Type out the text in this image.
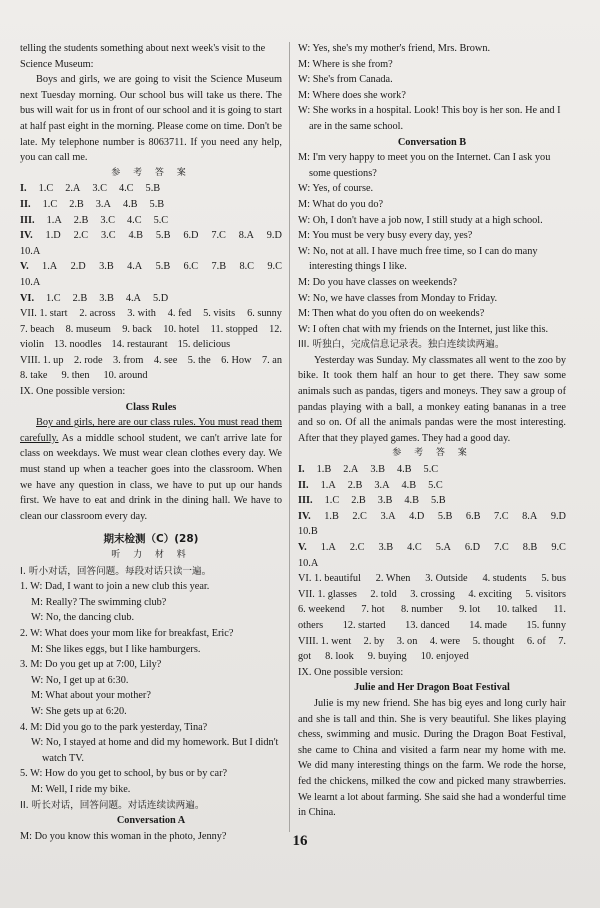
telling the students something about next week's visit to the
Science Museum:
Boys and girls, we are going to visit the Science Museum next Tuesday morning. Our school bus will take us there. The bus will wait for us in front of our school and it is going to start at half past eight in the morning. Please come on time. Don't be late. My telephone number is 8063711. If you need any help, you can call me.
参 考 答 案
I. 1.C 2.A 3.C 4.C 5.B
II. 1.C 2.B 3.A 4.B 5.B
III. 1.A 2.B 3.C 4.C 5.C
IV. 1.D 2.C 3.C 4.B 5.B 6.D 7.C 8.A 9.D
10.A
V. 1.A 2.D 3.B 4.A 5.B 6.C 7.B 8.C 9.C
10.A
VI. 1.C 2.B 3.B 4.A 5.D
VII. 1. start 2. across 3. with 4. fed 5. visits 6. sunny
7. beach 8. museum 9. back 10. hotel 11. stopped 12.
violin 13. noodles 14. restaurant 15. delicious
VIII. 1. up 2. rode 3. from 4. see 5. the 6. How 7. an
8. take 9. then 10. around
IX. One possible version:
Class Rules
Boy and girls, here are our class rules. You must read them carefully. As a middle school student, we can't arrive late for class on weekdays. We must wear clean clothes every day. We must stand up when a teacher goes into the classroom. When we have any question in class, we have to put up our hands first. We have to eat and drink in the dining hall. We have to clean our classroom every day.
期末检测（C）(28)
听 力 材 料
I. 听小对话，回答问题。每段对话只读一遍。
1. W: Dad, I want to join a new club this year.
M: Really? The swimming club?
W: No, the dancing club.
2. W: What does your mom like for breakfast, Eric?
M: She likes eggs, but I like hamburgers.
3. M: Do you get up at 7:00, Lily?
W: No, I get up at 6:30.
M: What about your mother?
W: She gets up at 6:20.
4. M: Did you go to the park yesterday, Tina?
W: No, I stayed at home and did my homework. But I didn't
watch TV.
5. W: How do you get to school, by bus or by car?
M: Well, I ride my bike.
II. 听长对话，回答问题。对话连续读两遍。
Conversation A
M: Do you know this woman in the photo, Jenny?
W: Yes, she's my mother's friend, Mrs. Brown.
M: Where is she from?
W: She's from Canada.
M: Where does she work?
W: She works in a hospital. Look! This boy is her son. He and I
are in the same school.
Conversation B
M: I'm very happy to meet you on the Internet. Can I ask you
some questions?
W: Yes, of course.
M: What do you do?
W: Oh, I don't have a job now, I still study at a high school.
M: You must be very busy every day, yes?
W: No, not at all. I have much free time, so I can do many
interesting things I like.
M: Do you have classes on weekends?
W: No, we have classes from Monday to Friday.
M: Then what do you often do on weekends?
W: I often chat with my friends on the Internet, just like this.
III. 听独白，完成信息记录表。独白连续读两遍。
Yesterday was Sunday. My classmates all went to the zoo by bike. It took them half an hour to get there. They saw some animals such as pandas, tigers and moneys. They saw a group of pandas playing with a ball, a monkey eating bananas in a tree and so on. Of all the animals pandas were the most interesting. After that they played games. They had a good day.
参 考 答 案
I. 1.B 2.A 3.B 4.B 5.C
II. 1.A 2.B 3.A 4.B 5.C
III. 1.C 2.B 3.B 4.B 5.B
IV. 1.B 2.C 3.A 4.D 5.B 6.B 7.C 8.A 9.D
10.B
V. 1.A 2.C 3.B 4.C 5.A 6.D 7.C 8.B 9.C
10.A
VI. 1. beautiful 2. When 3. Outside 4. students 5. bus
VII. 1. glasses 2. told 3. crossing 4. exciting 5. visitors
6. weekend 7. hot 8. number 9. lot 10. talked 11.
others 12. started 13. danced 14. made 15. funny
VIII. 1. went 2. by 3. on 4. were 5. thought 6. of 7.
got 8. look 9. buying 10. enjoyed
IX. One possible version:
Julie and Her Dragon Boat Festival
Julie is my new friend. She has big eyes and long curly hair and she is tall and thin. She is very beautiful. She likes playing chess, swimming and music. During the Dragon Boat Festival, she came to China and visited a farm near my home with me. We did many interesting things on the farm. We rode the horse, fed the chickens, milked the cow and picked many strawberries. We learnt a lot about farming. She said she had a wonderful time in China.
16
